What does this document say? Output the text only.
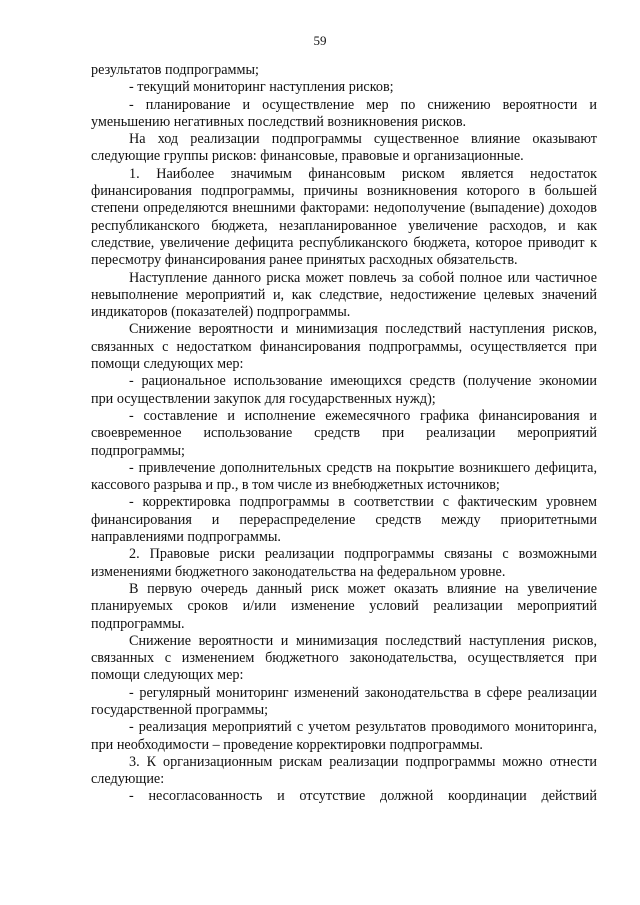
59

результатов подпрограммы;

- текущий мониторинг наступления рисков;

- планирование и осуществление мер по снижению вероятности и уменьшению негативных последствий возникновения рисков.

На ход реализации подпрограммы существенное влияние оказывают следующие группы рисков: финансовые, правовые и организационные.

1. Наиболее значимым финансовым риском является недостаток финансирования подпрограммы, причины возникновения которого в большей степени определяются внешними факторами: недополучение (выпадение) доходов республиканского бюджета, незапланированное увеличение расходов, и как следствие, увеличение дефицита республиканского бюджета, которое приводит к пересмотру финансирования ранее принятых расходных обязательств.

Наступление данного риска может повлечь за собой полное или частичное невыполнение мероприятий и, как следствие, недостижение целевых значений индикаторов (показателей) подпрограммы.

Снижение вероятности и минимизация последствий наступления рисков, связанных с недостатком финансирования подпрограммы, осуществляется при помощи следующих мер:

- рациональное использование имеющихся средств (получение экономии при осуществлении закупок для государственных нужд);

- составление и исполнение ежемесячного графика финансирования и своевременное использование средств при реализации мероприятий подпрограммы;

- привлечение дополнительных средств на покрытие возникшего дефицита, кассового разрыва и пр., в том числе из внебюджетных источников;

- корректировка подпрограммы в соответствии с фактическим уровнем финансирования и перераспределение средств между приоритетными направлениями подпрограммы.

2. Правовые риски реализации подпрограммы связаны с возможными изменениями бюджетного законодательства на федеральном уровне.

В первую очередь данный риск может оказать влияние на увеличение планируемых сроков и/или изменение условий реализации мероприятий подпрограммы.

Снижение вероятности и минимизация последствий наступления рисков, связанных с изменением бюджетного законодательства, осуществляется при помощи следующих мер:

- регулярный мониторинг изменений законодательства в сфере реализации государственной программы;

- реализация мероприятий с учетом результатов проводимого мониторинга, при необходимости – проведение корректировки подпрограммы.

3. К организационным рискам реализации подпрограммы можно отнести следующие:

- несогласованность и отсутствие должной координации действий
